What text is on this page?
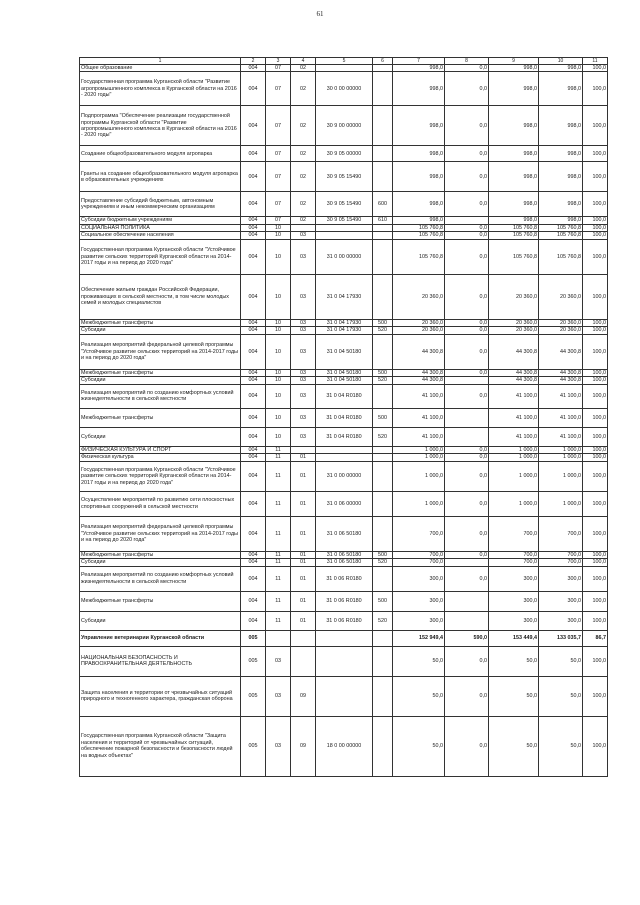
61
1	2	3	4	5	6	7	8	9	10	11
Общее образование	004	07	02			998,0	0,0	998,0	998,0	100,0
Государственная программа Курганской области "Развитие агропромышленного комплекса в Курганской области на 2016 - 2020 годы"	004	07	02	30 0 00 00000		998,0	0,0	998,0	998,0	100,0
Подпрограмма "Обеспечение реализации государственной программы Курганской области "Развитие агропромышленного комплекса в Курганской области на 2016 - 2020 годы"	004	07	02	30 9 00 00000		998,0	0,0	998,0	998,0	100,0
Создание общеобразовательного модуля агропарка	004	07	02	30 9 05 00000		998,0	0,0	998,0	998,0	100,0
Гранты на создание общеобразовательного модуля агропарка в образовательных учреждениях	004	07	02	30 9 05 15490		998,0	0,0	998,0	998,0	100,0
Предоставление субсидий бюджетным, автономным учреждениям и иным некоммерческим организациям	004	07	02	30 9 05 15490	600	998,0	0,0	998,0	998,0	100,0
Субсидии бюджетным учреждениям	004	07	02	30 9 05 15490	610	998,0		998,0	998,0	100,0
СОЦИАЛЬНАЯ ПОЛИТИКА	004	10				105 760,8	0,0	105 760,8	105 760,8	100,0
Социальное обеспечение населения	004	10	03			105 760,8	0,0	105 760,8	105 760,8	100,0
Государственная программа Курганской области "Устойчивое развитие сельских территорий Курганской области на 2014-2017 годы и на период до 2020 года"	004	10	03	31 0 00 00000		105 760,8	0,0	105 760,8	105 760,8	100,0
Обеспечение жильем граждан Российской Федерации, проживающих в сельской местности, в том числе молодых семей и молодых специалистов	004	10	03	31 0 04 17930		20 360,0	0,0	20 360,0	20 360,0	100,0
Межбюджетные трансферты	004	10	03	31 0 04 17930	500	20 360,0	0,0	20 360,0	20 360,0	100,0
Субсидии	004	10	03	31 0 04 17930	520	20 360,0	0,0	20 360,0	20 360,0	100,0
Реализация мероприятий федеральной целевой программы "Устойчивое развитие сельских территорий на 2014-2017 годы и на период до 2020 года"	004	10	03	31 0 04 50180		44 300,8	0,0	44 300,8	44 300,8	100,0
Межбюджетные трансферты	004	10	03	31 0 04 50180	500	44 300,8	0,0	44 300,8	44 300,8	100,0
Субсидии	004	10	03	31 0 04 50180	520	44 300,8		44 300,8	44 300,8	100,0
Реализация мероприятий по созданию комфортных условий жизнедеятельности в сельской местности	004	10	03	31 0 04 R0180		41 100,0	0,0	41 100,0	41 100,0	100,0
Межбюджетные трансферты	004	10	03	31 0 04 R0180	500	41 100,0		41 100,0	41 100,0	100,0
Субсидии	004	10	03	31 0 04 R0180	520	41 100,0		41 100,0	41 100,0	100,0
ФИЗИЧЕСКАЯ КУЛЬТУРА И СПОРТ	004	11				1 000,0	0,0	1 000,0	1 000,0	100,0
Физическая культура	004	11	01			1 000,0	0,0	1 000,0	1 000,0	100,0
Государственная программа Курганской области "Устойчивое развитие сельских территорий Курганской области на 2014-2017 годы и на период до 2020 года"	004	11	01	31 0 00 00000		1 000,0	0,0	1 000,0	1 000,0	100,0
Осуществление мероприятий по развитию сети плоскостных спортивных сооружений в сельской местности	004	11	01	31 0 06 00000		1 000,0	0,0	1 000,0	1 000,0	100,0
Реализация мероприятий федеральной целевой программы "Устойчивое развитие сельских территорий на 2014-2017 годы и на период до 2020 года"	004	11	01	31 0 06 50180		700,0	0,0	700,0	700,0	100,0
Межбюджетные трансферты	004	11	01	31 0 06 50180	500	700,0	0,0	700,0	700,0	100,0
Субсидии	004	11	01	31 0 06 50180	520	700,0		700,0	700,0	100,0
Реализация мероприятий по созданию комфортных условий жизнедеятельности в сельской местности	004	11	01	31 0 06 R0180		300,0	0,0	300,0	300,0	100,0
Межбюджетные трансферты	004	11	01	31 0 06 R0180	500	300,0		300,0	300,0	100,0
Субсидии	004	11	01	31 0 06 R0180	520	300,0		300,0	300,0	100,0
Управление ветеринарии Курганской области	005					152 949,4	590,0	153 449,4	133 035,7	86,7
НАЦИОНАЛЬНАЯ БЕЗОПАСНОСТЬ И ПРАВООХРАНИТЕЛЬНАЯ ДЕЯТЕЛЬНОСТЬ	005	03				50,0	0,0	50,0	50,0	100,0
Защита населения и территории от чрезвычайных ситуаций природного и техногенного характера, гражданская оборона	005	03	09			50,0	0,0	50,0	50,0	100,0
Государственная программа Курганской области "Защита населения и территорий от чрезвычайных ситуаций, обеспечение пожарной безопасности и безопасности людей на водных объектах"	005	03	09	18 0 00 00000		50,0	0,0	50,0	50,0	100,0
